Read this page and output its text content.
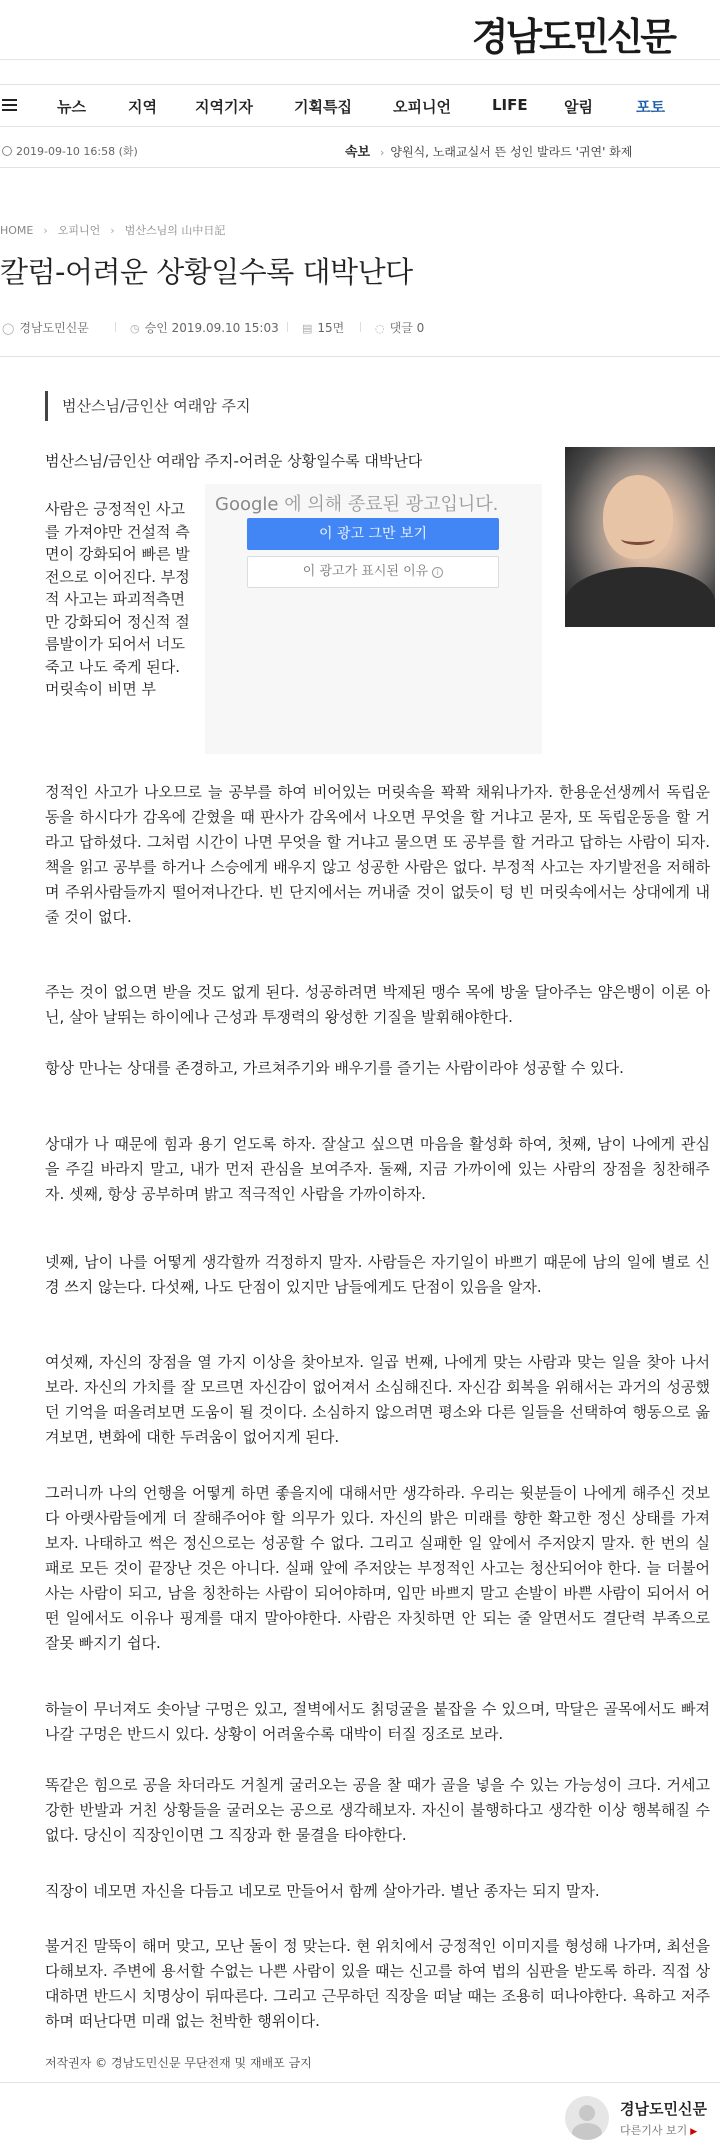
경남도민신문
뉴스	지역	지역기자	기획특집	오피니언	LIFE 알림	포토
2019-09-10 16:58 (화)	속보 › 양원식, 노래교실서 뜬 성인 발라드 '귀연' 화제
HOME › 오피니언 › 범산스님의 山中日記
칼럼-어려운 상황일수록 대박난다
◯ 경남도민신문	◷ 승인 2019.09.10 15:03 ▤ 15면	◌ 댓글 0
범산스님/금인산 여래암 주지
범산스님/금인산 여래암 주지-어려운 상황일수록 대박난다
사람은 긍정적인 사고를 가져야만 건설적 측면이 강화되어 빠른 발전으로 이어진다. 부정적 사고는 파괴적측면만 강화되어 정신적 절름발이가 되어서 너도 죽고 나도 죽게 된다. 머릿속이 비면 부
Google 에 의해 종료된 광고입니다.
이 광고 그만 보기
이 광고가 표시된 이유 i

정적인 사고가 나오므로 늘 공부를 하여 비어있는 머릿속을 꽉꽉 채워나가자. 한용운선생께서 독립운동을 하시다가 감옥에 갇혔을 때 판사가 감옥에서 나오면 무엇을 할 거냐고 묻자, 또 독립운동을 할 거라고 답하셨다. 그처럼 시간이 나면 무엇을 할 거냐고 물으면 또 공부를 할 거라고 답하는 사람이 되자. 책을 읽고 공부를 하거나 스승에게 배우지 않고 성공한 사람은 없다. 부정적 사고는 자기발전을 저해하며 주위사람들까지 떨어져나간다. 빈 단지에서는 꺼내줄 것이 없듯이 텅 빈 머릿속에서는 상대에게 내줄 것이 없다.

주는 것이 없으면 받을 것도 없게 된다. 성공하려면 박제된 맹수 목에 방울 달아주는 얌은뱅이 이론 아닌, 살아 날뛰는 하이에나 근성과 투쟁력의 왕성한 기질을 발휘해야한다.

항상 만나는 상대를 존경하고, 가르쳐주기와 배우기를 즐기는 사람이라야 성공할 수 있다.

상대가 나 때문에 힘과 용기 얻도록 하자. 잘살고 싶으면 마음을 활성화 하여, 첫째, 남이 나에게 관심을 주길 바라지 말고, 내가 먼저 관심을 보여주자. 둘째, 지금 가까이에 있는 사람의 장점을 칭찬해주자. 셋째, 항상 공부하며 밝고 적극적인 사람을 가까이하자.

넷째, 남이 나를 어떻게 생각할까 걱정하지 말자. 사람들은 자기일이 바쁘기 때문에 남의 일에 별로 신경 쓰지 않는다. 다섯째, 나도 단점이 있지만 남들에게도 단점이 있음을 알자.

여섯째, 자신의 장점을 열 가지 이상을 찾아보자. 일곱 번째, 나에게 맞는 사람과 맞는 일을 찾아 나서보라. 자신의 가치를 잘 모르면 자신감이 없어져서 소심해진다. 자신감 회복을 위해서는 과거의 성공했던 기억을 떠올려보면 도움이 될 것이다. 소심하지 않으려면 평소와 다른 일들을 선택하여 행동으로 옮겨보면, 변화에 대한 두려움이 없어지게 된다.

그러니까 나의 언행을 어떻게 하면 좋을지에 대해서만 생각하라. 우리는 윗분들이 나에게 해주신 것보다 아랫사람들에게 더 잘해주어야 할 의무가 있다. 자신의 밝은 미래를 향한 확고한 정신 상태를 가져보자. 나태하고 썩은 정신으로는 성공할 수 없다. 그리고 실패한 일 앞에서 주저앉지 말자. 한 번의 실패로 모든 것이 끝장난 것은 아니다. 실패 앞에 주저앉는 부정적인 사고는 청산되어야 한다. 늘 더불어 사는 사람이 되고, 남을 칭찬하는 사람이 되어야하며, 입만 바쁘지 말고 손발이 바쁜 사람이 되어서 어떤 일에서도 이유나 핑계를 대지 말아야한다. 사람은 자칫하면 안 되는 줄 알면서도 결단력 부족으로 잘못 빠지기 쉽다.

하늘이 무너져도 솟아날 구멍은 있고, 절벽에서도 칡덩굴을 붙잡을 수 있으며, 막달은 골목에서도 빠져나갈 구멍은 반드시 있다. 상황이 어려울수록 대박이 터질 징조로 보라.

똑같은 힘으로 공을 차더라도 거칠게 굴러오는 공을 찰 때가 골을 넣을 수 있는 가능성이 크다. 거세고 강한 반발과 거친 상황들을 굴러오는 공으로 생각해보자. 자신이 불행하다고 생각한 이상 행복해질 수 없다. 당신이 직장인이면 그 직장과 한 물결을 타야한다.

직장이 네모면 자신을 다듬고 네모로 만들어서 함께 살아가라. 별난 종자는 되지 말자.

불거진 말뚝이 해머 맞고, 모난 돌이 정 맞는다. 현 위치에서 긍정적인 이미지를 형성해 나가며, 최선을 다해보자. 주변에 용서할 수없는 나쁜 사람이 있을 때는 신고를 하여 법의 심판을 받도록 하라. 직접 상대하면 반드시 치명상이 뒤따른다. 그리고 근무하던 직장을 떠날 때는 조용히 떠나야한다. 욕하고 저주하며 떠난다면 미래 없는 천박한 행위이다.

저작권자 © 경남도민신문 무단전재 및 재배포 금지
경남도민신문
다른기사 보기 ▶
